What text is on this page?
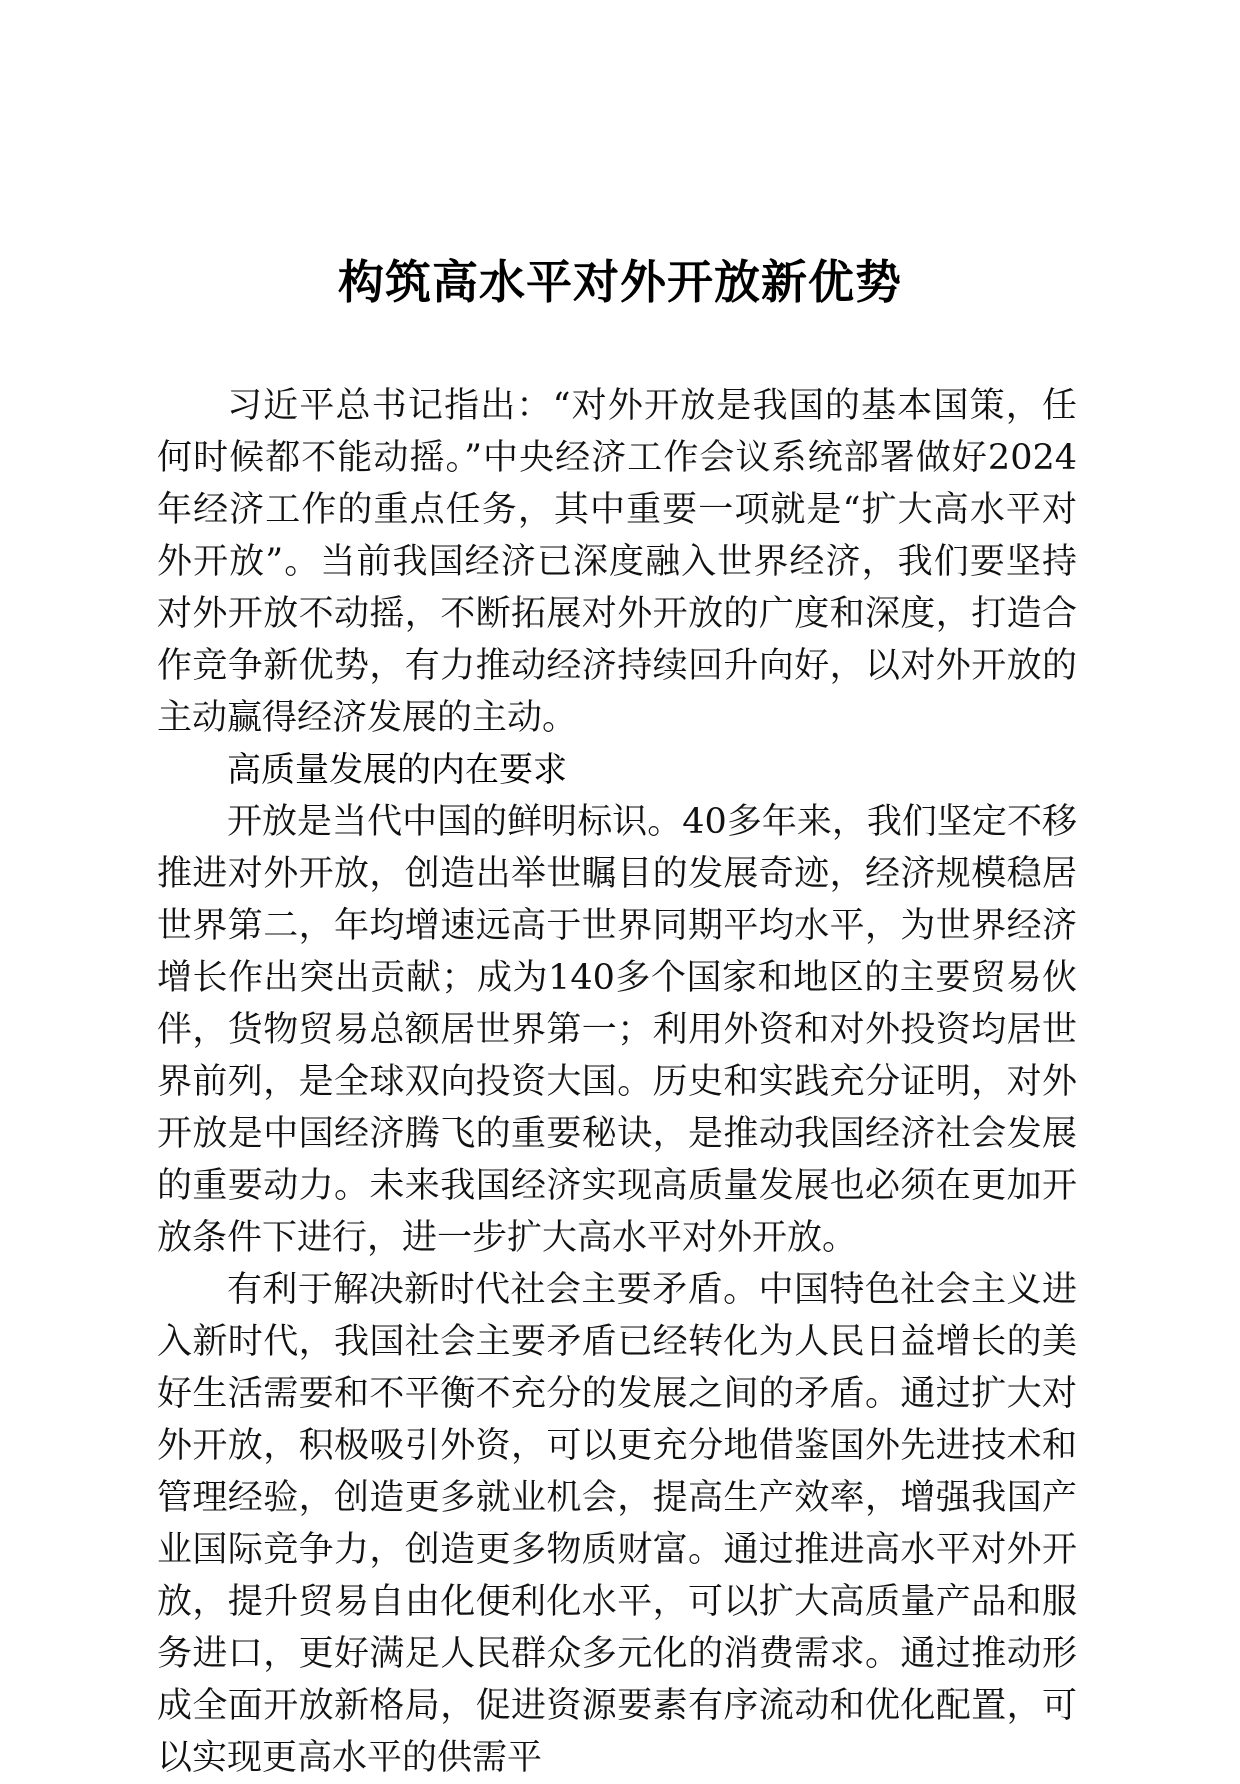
构筑高水平对外开放新优势

习近平总书记指出：“对外开放是我国的基本国策，任何时候都不能动摇。”中央经济工作会议系统部署做好2024年经济工作的重点任务，其中重要一项就是“扩大高水平对外开放”。当前我国经济已深度融入世界经济，我们要坚持对外开放不动摇，不断拓展对外开放的广度和深度，打造合作竞争新优势，有力推动经济持续回升向好，以对外开放的主动赢得经济发展的主动。

高质量发展的内在要求

开放是当代中国的鲜明标识。40多年来，我们坚定不移推进对外开放，创造出举世瞩目的发展奇迹，经济规模稳居世界第二，年均增速远高于世界同期平均水平，为世界经济增长作出突出贡献；成为140多个国家和地区的主要贸易伙伴，货物贸易总额居世界第一；利用外资和对外投资均居世界前列，是全球双向投资大国。历史和实践充分证明，对外开放是中国经济腾飞的重要秘诀，是推动我国经济社会发展的重要动力。未来我国经济实现高质量发展也必须在更加开放条件下进行，进一步扩大高水平对外开放。

有利于解决新时代社会主要矛盾。中国特色社会主义进入新时代，我国社会主要矛盾已经转化为人民日益增长的美好生活需要和不平衡不充分的发展之间的矛盾。通过扩大对外开放，积极吸引外资，可以更充分地借鉴国外先进技术和管理经验，创造更多就业机会，提高生产效率，增强我国产业国际竞争力，创造更多物质财富。通过推进高水平对外开放，提升贸易自由化便利化水平，可以扩大高质量产品和服务进口，更好满足人民群众多元化的消费需求。通过推动形成全面开放新格局，促进资源要素有序流动和优化配置，可以实现更高水平的供需平
